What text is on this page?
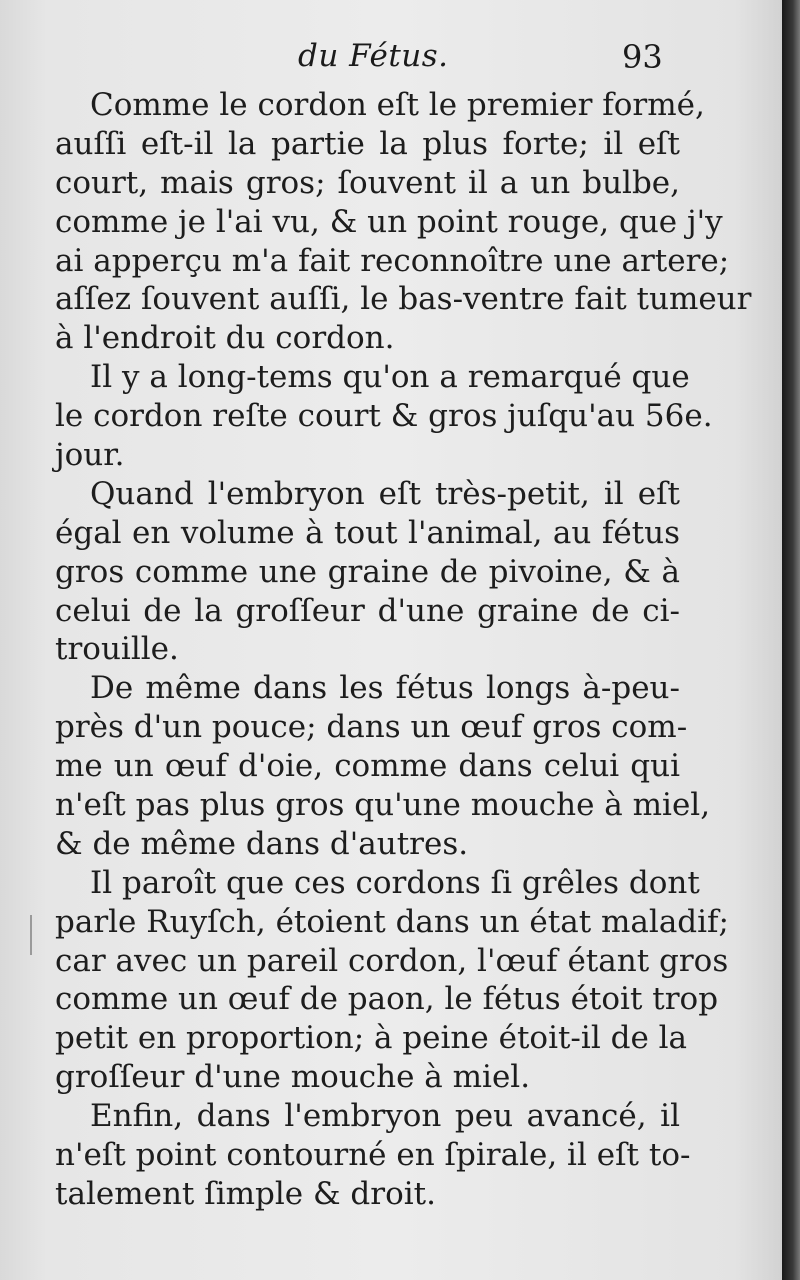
du Fétus.	93
Comme le cordon eſt le premier formé,
auſſi eſt-il la partie la plus forte; il eſt
court, mais gros; ſouvent il a un bulbe,
comme je l'ai vu, & un point rouge, que j'y
ai apperçu m'a fait reconnoître une artere;
aſſez ſouvent auſſi, le bas-ventre fait tumeur
à l'endroit du cordon.
Il y a long-tems qu'on a remarqué que
le cordon reſte court & gros juſqu'au 56e.
jour.
Quand l'embryon eſt très-petit, il eſt
égal en volume à tout l'animal, au fétus
gros comme une graine de pivoine, & à
celui de la groſſeur d'une graine de ci-
trouille.
De même dans les fétus longs à-peu-
près d'un pouce; dans un œuf gros com-
me un œuf d'oie, comme dans celui qui
n'eſt pas plus gros qu'une mouche à miel,
& de même dans d'autres.
Il paroît que ces cordons ſi grêles dont
parle Ruyſch, étoient dans un état maladif;
car avec un pareil cordon, l'œuf étant gros
comme un œuf de paon, le fétus étoit trop
petit en proportion; à peine étoit-il de la
groſſeur d'une mouche à miel.
Enfin, dans l'embryon peu avancé, il
n'eſt point contourné en ſpirale, il eſt to-
talement ſimple & droit.
